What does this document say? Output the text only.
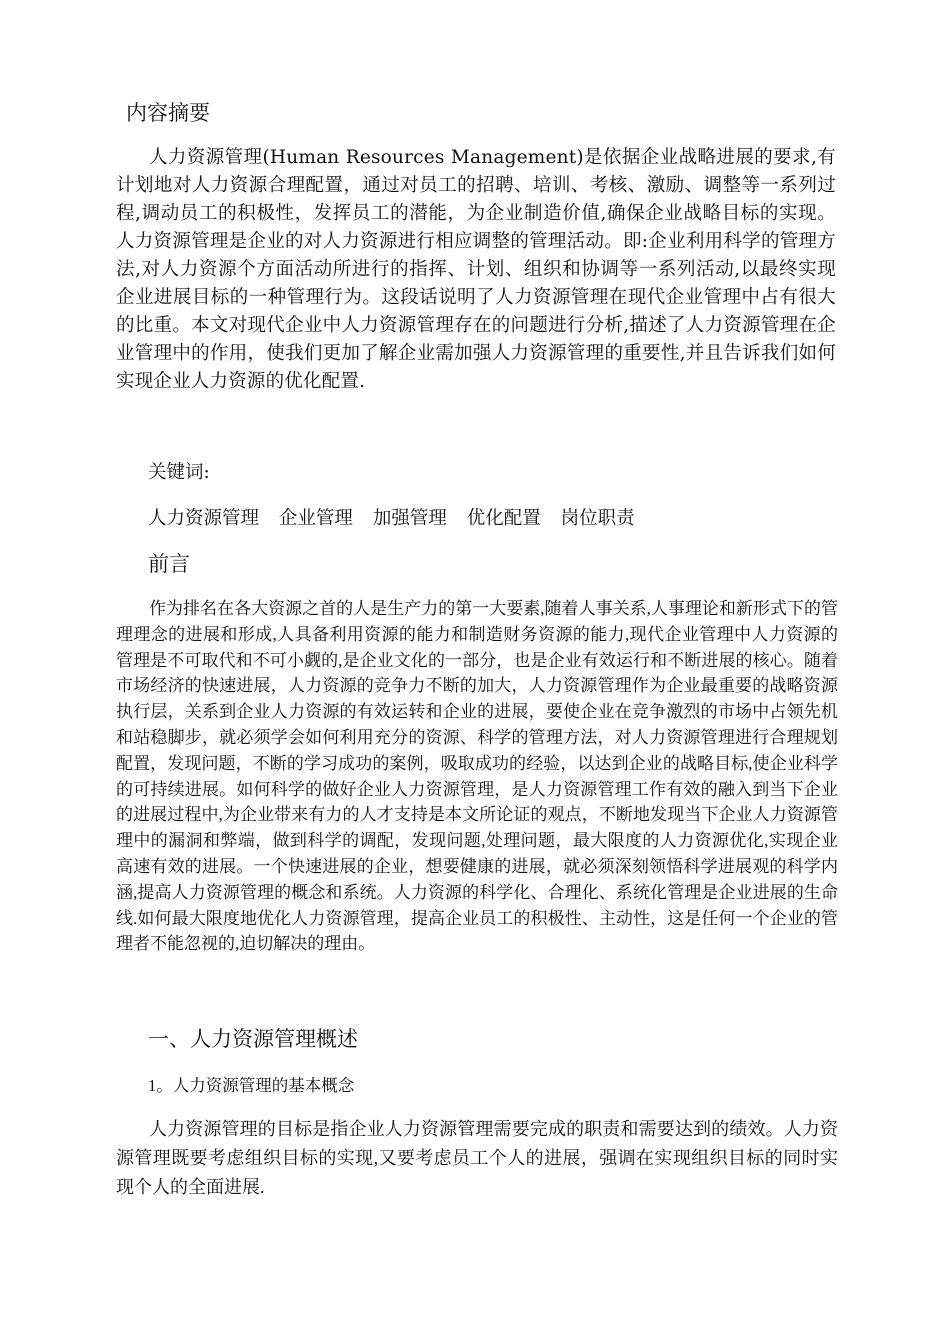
内容摘要

人力资源管理(Human Resources Management)是依据企业战略进展的要求,有计划地对人力资源合理配置，通过对员工的招聘、培训、考核、激励、调整等一系列过程,调动员工的积极性，发挥员工的潜能，为企业制造价值,确保企业战略目标的实现。人力资源管理是企业的对人力资源进行相应调整的管理活动。即:企业利用科学的管理方法,对人力资源个方面活动所进行的指挥、计划、组织和协调等一系列活动,以最终实现企业进展目标的一种管理行为。这段话说明了人力资源管理在现代企业管理中占有很大的比重。本文对现代企业中人力资源管理存在的问题进行分析,描述了人力资源管理在企业管理中的作用，使我们更加了解企业需加强人力资源管理的重要性,并且告诉我们如何实现企业人力资源的优化配置.

关键词:

人力资源管理 企业管理 加强管理 优化配置 岗位职责

前言

作为排名在各大资源之首的人是生产力的第一大要素,随着人事关系,人事理论和新形式下的管理理念的进展和形成,人具备利用资源的能力和制造财务资源的能力,现代企业管理中人力资源的管理是不可取代和不可小觑的,是企业文化的一部分，也是企业有效运行和不断进展的核心。随着市场经济的快速进展，人力资源的竞争力不断的加大，人力资源管理作为企业最重要的战略资源执行层，关系到企业人力资源的有效运转和企业的进展，要使企业在竞争激烈的市场中占领先机和站稳脚步，就必须学会如何利用充分的资源、科学的管理方法，对人力资源管理进行合理规划配置，发现问题，不断的学习成功的案例，吸取成功的经验，以达到企业的战略目标,使企业科学的可持续进展。如何科学的做好企业人力资源管理，是人力资源管理工作有效的融入到当下企业的进展过程中,为企业带来有力的人才支持是本文所论证的观点，不断地发现当下企业人力资源管理中的漏洞和弊端，做到科学的调配，发现问题,处理问题，最大限度的人力资源优化,实现企业高速有效的进展。一个快速进展的企业，想要健康的进展，就必须深刻领悟科学进展观的科学内涵,提高人力资源管理的概念和系统。人力资源的科学化、合理化、系统化管理是企业进展的生命线.如何最大限度地优化人力资源管理，提高企业员工的积极性、主动性，这是任何一个企业的管理者不能忽视的,迫切解决的理由。

一、人力资源管理概述
1。人力资源管理的基本概念

人力资源管理的目标是指企业人力资源管理需要完成的职责和需要达到的绩效。人力资源管理既要考虑组织目标的实现,又要考虑员工个人的进展，强调在实现组织目标的同时实现个人的全面进展.
